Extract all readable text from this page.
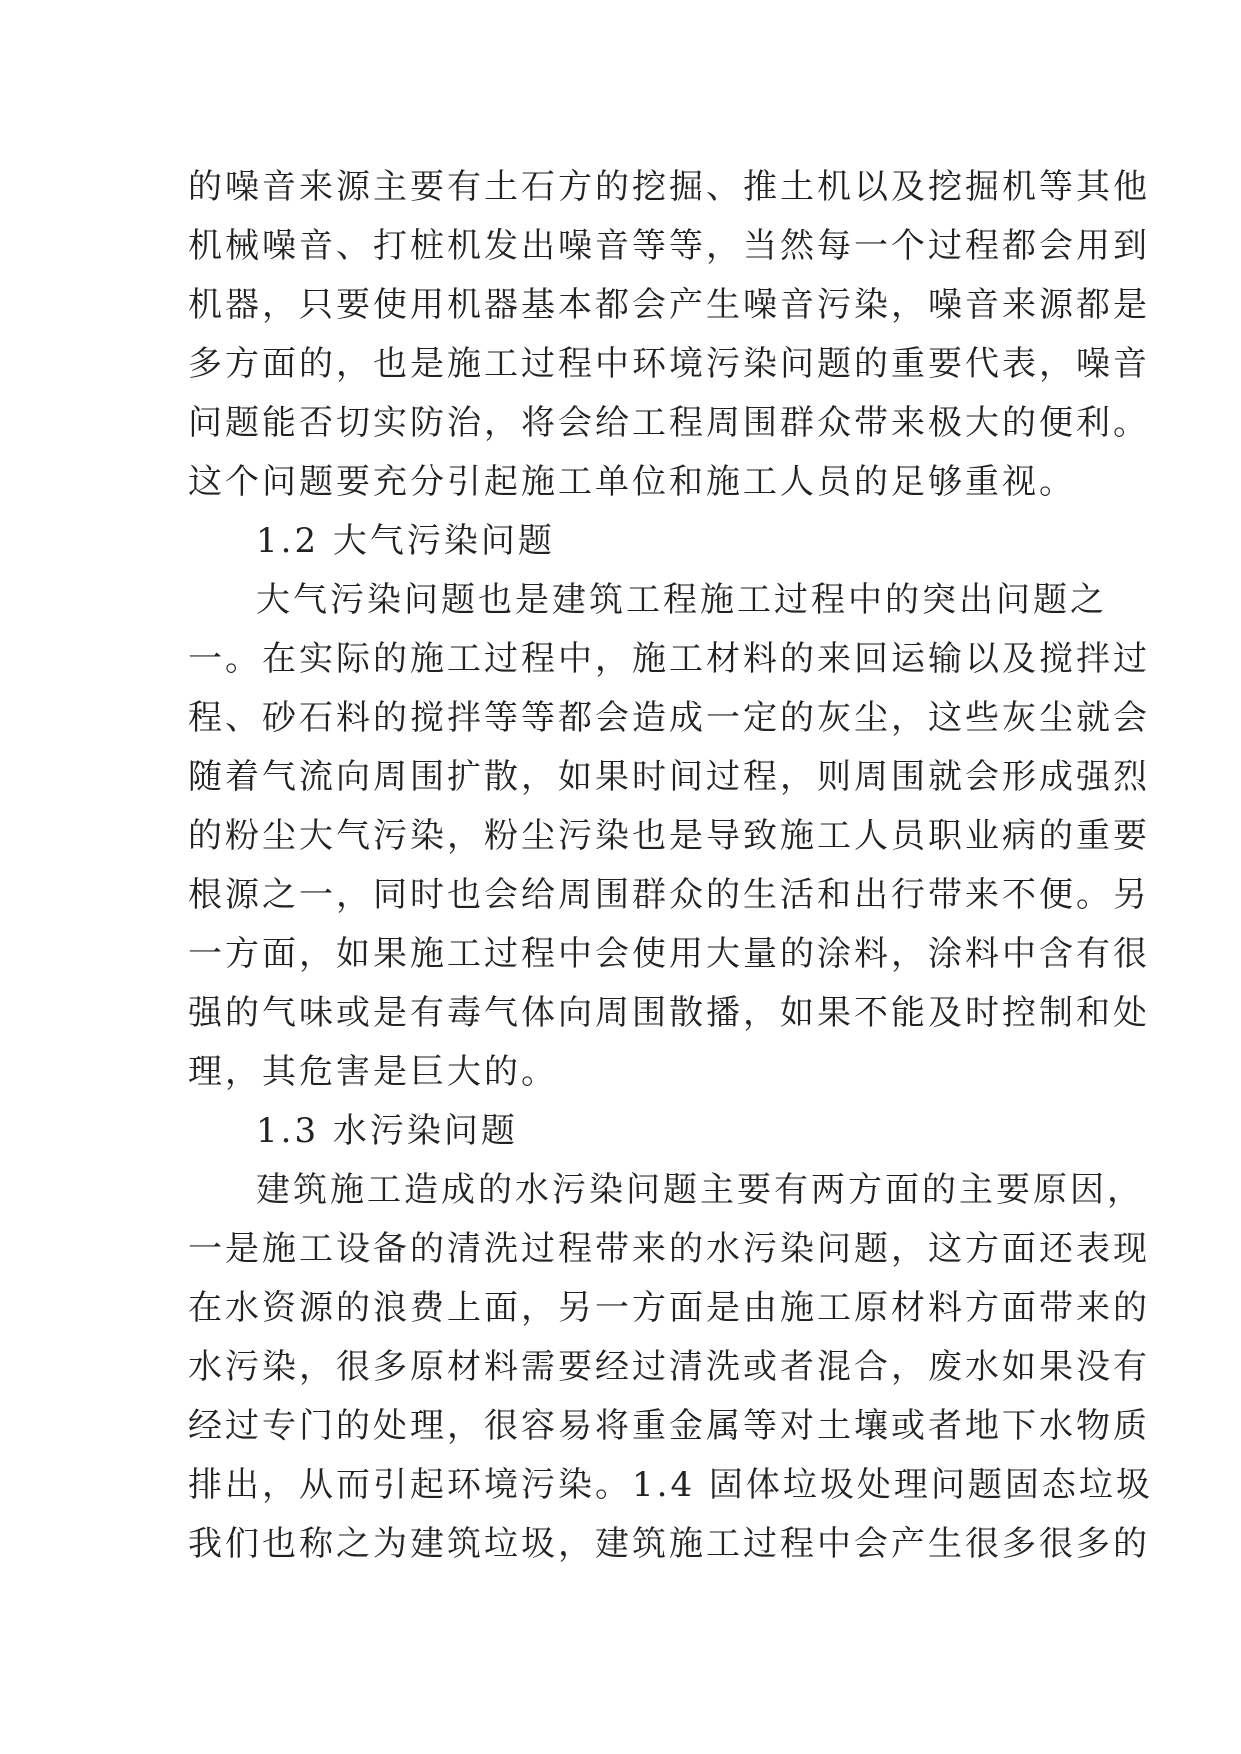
的噪音来源主要有土石方的挖掘、推土机以及挖掘机等其他
机械噪音、打桩机发出噪音等等，当然每一个过程都会用到
机器，只要使用机器基本都会产生噪音污染，噪音来源都是
多方面的，也是施工过程中环境污染问题的重要代表，噪音
问题能否切实防治，将会给工程周围群众带来极大的便利。
这个问题要充分引起施工单位和施工人员的足够重视。
1.2 大气污染问题
大气污染问题也是建筑工程施工过程中的突出问题之
一。在实际的施工过程中，施工材料的来回运输以及搅拌过
程、砂石料的搅拌等等都会造成一定的灰尘，这些灰尘就会
随着气流向周围扩散，如果时间过程，则周围就会形成强烈
的粉尘大气污染，粉尘污染也是导致施工人员职业病的重要
根源之一，同时也会给周围群众的生活和出行带来不便。另
一方面，如果施工过程中会使用大量的涂料，涂料中含有很
强的气味或是有毒气体向周围散播，如果不能及时控制和处
理，其危害是巨大的。
1.3 水污染问题
建筑施工造成的水污染问题主要有两方面的主要原因，
一是施工设备的清洗过程带来的水污染问题，这方面还表现
在水资源的浪费上面，另一方面是由施工原材料方面带来的
水污染，很多原材料需要经过清洗或者混合，废水如果没有
经过专门的处理，很容易将重金属等对土壤或者地下水物质
排出，从而引起环境污染。1.4 固体垃圾处理问题固态垃圾
我们也称之为建筑垃圾，建筑施工过程中会产生很多很多的
